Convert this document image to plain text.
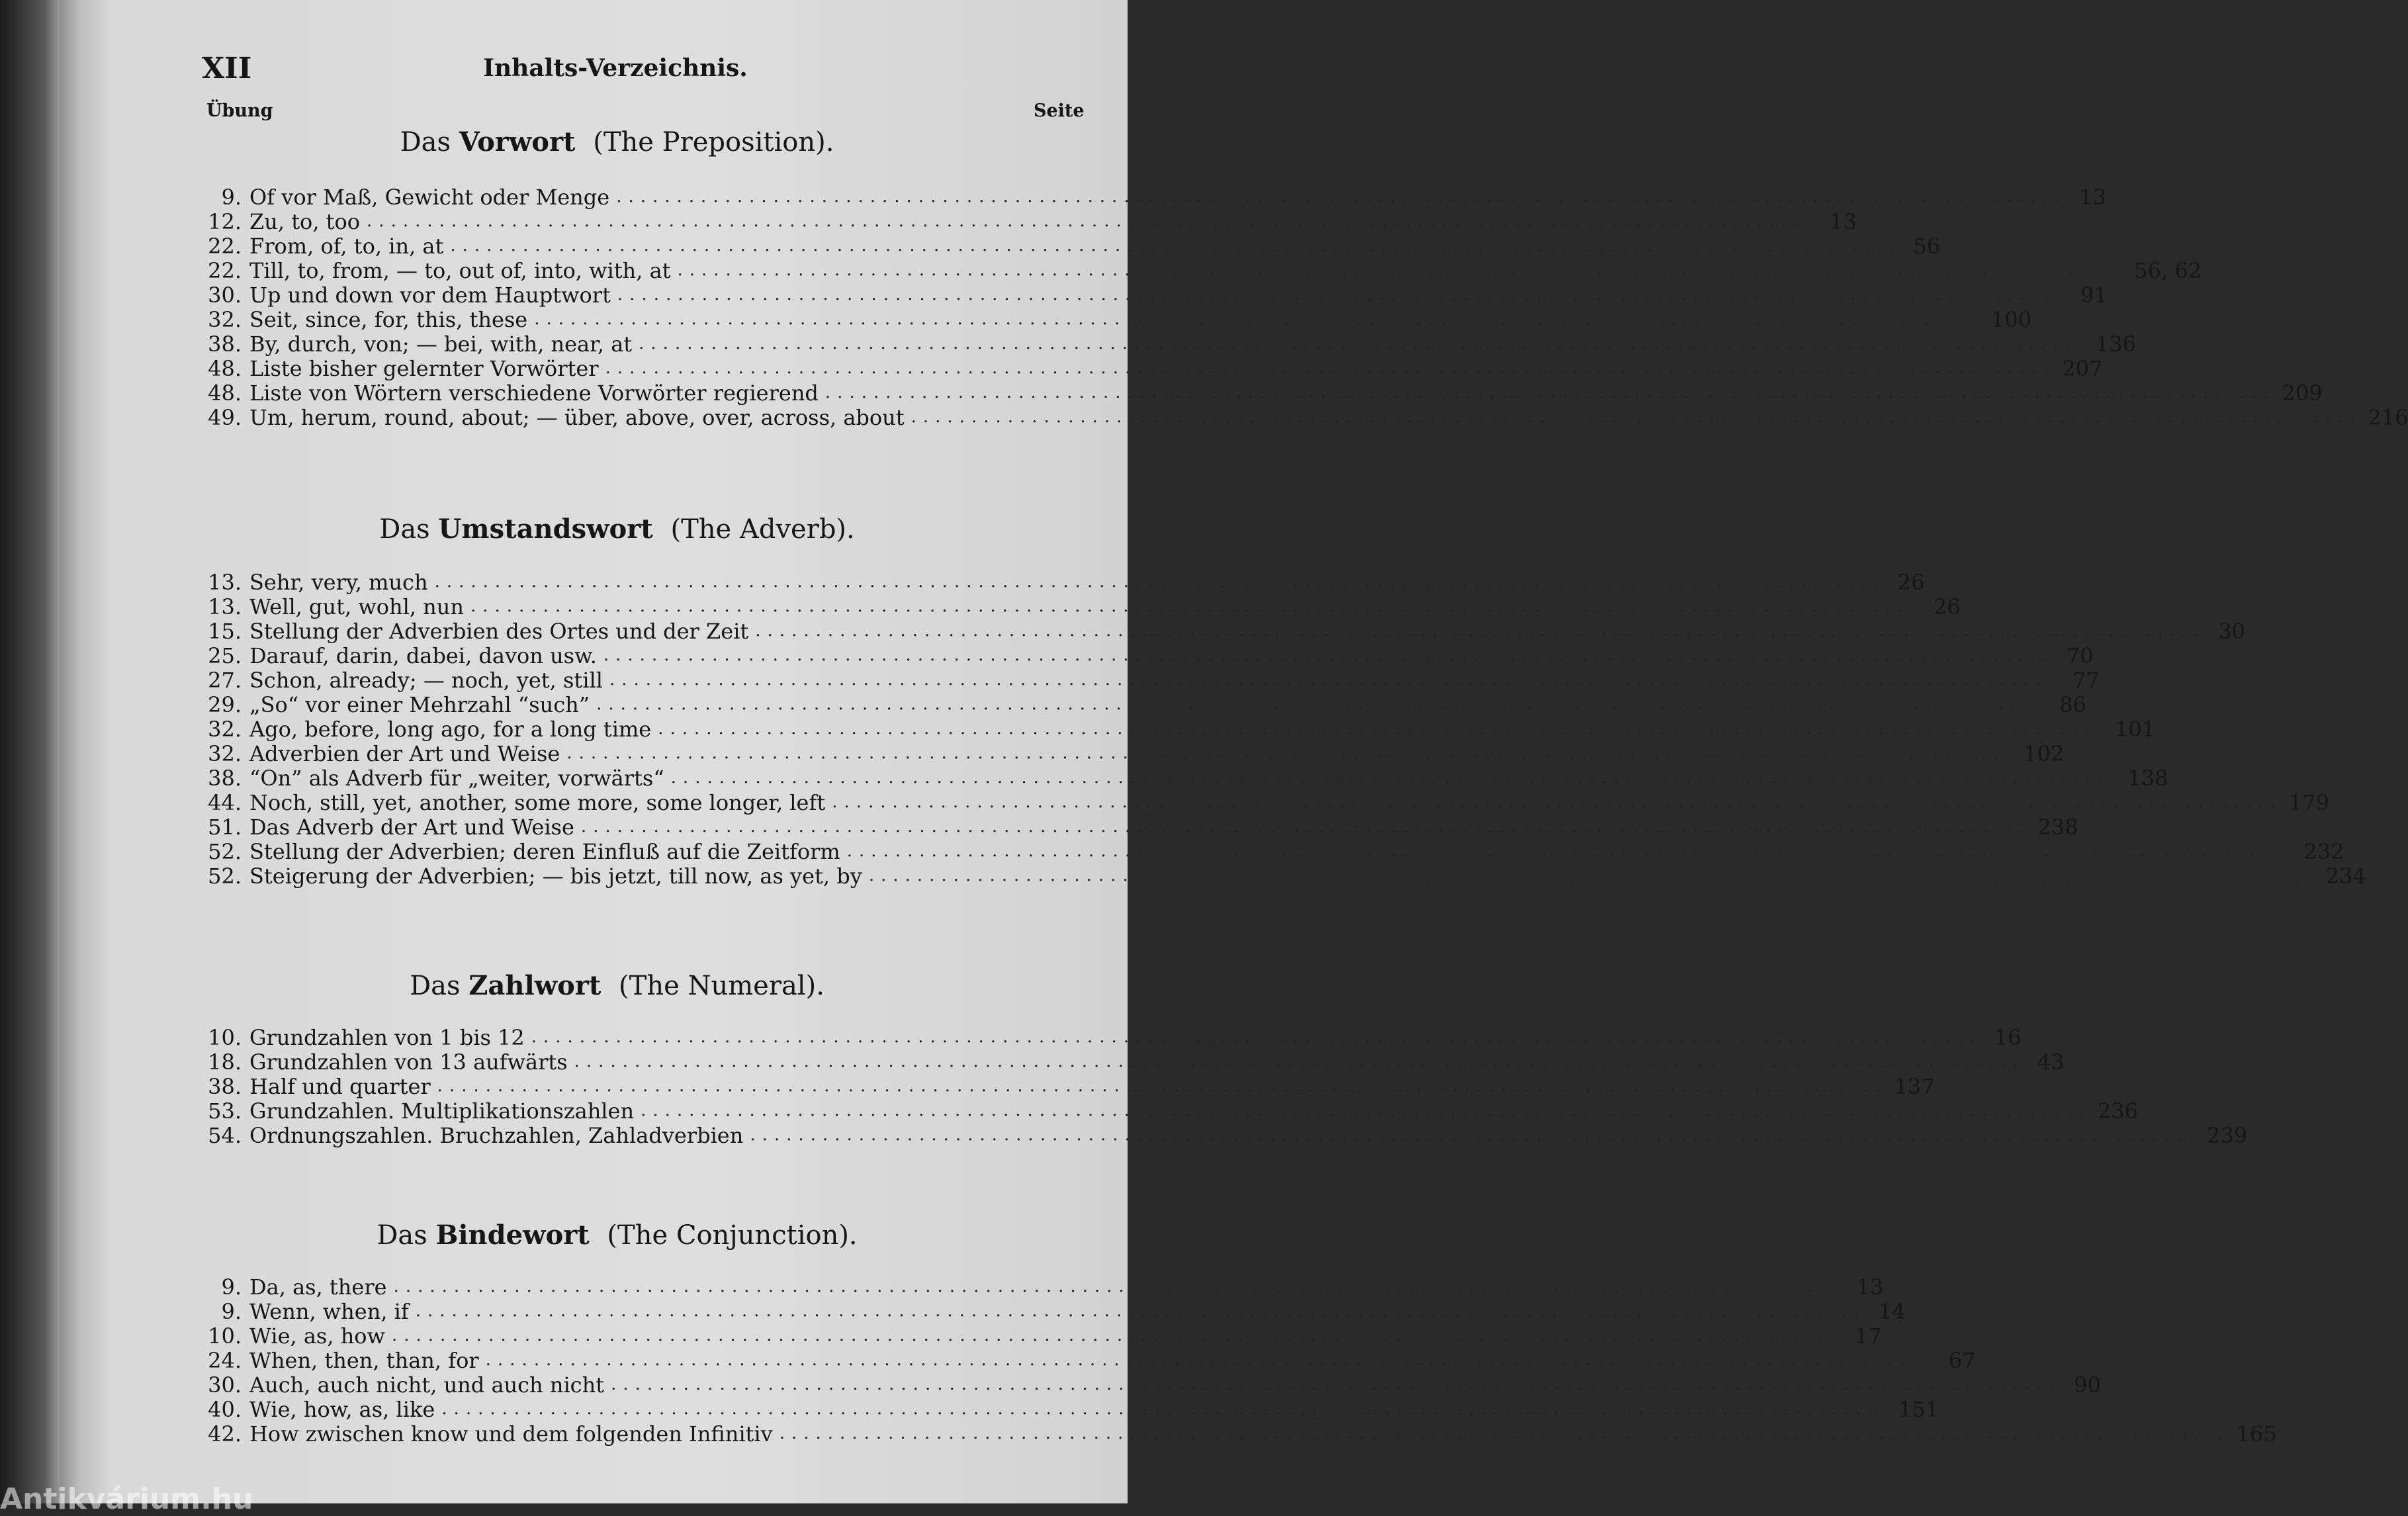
XII	Inhalts-Verzeichnis.
Übung	Seite
Das Vorwort (The Preposition).
9. Of vor Maß, Gewicht oder Menge ........................................................................................................................ 13
12. Zu, to, too ........................................................................................................................ 13
22. From, of, to, in, at ........................................................................................................................ 56
22. Till, to, from, — to, out of, into, with, at ........................................................................................................................ 56, 62
30. Up und down vor dem Hauptwort ........................................................................................................................ 91
32. Seit, since, for, this, these ........................................................................................................................ 100
38. By, durch, von; — bei, with, near, at ........................................................................................................................ 136
48. Liste bisher gelernter Vorwörter ........................................................................................................................ 207
48. Liste von Wörtern verschiedene Vorwörter regierend ........................................................................................................................ 209
49. Um, herum, round, about; — über, above, over, across, about ........................................................................................................................ 216
Das Umstandswort (The Adverb).
13. Sehr, very, much ........................................................................................................................ 26
13. Well, gut, wohl, nun ........................................................................................................................ 26
15. Stellung der Adverbien des Ortes und der Zeit ........................................................................................................................ 30
25. Darauf, darin, dabei, davon usw. ........................................................................................................................ 70
27. Schon, already; — noch, yet, still ........................................................................................................................ 77
29. „So“ vor einer Mehrzahl “such” ........................................................................................................................ 86
32. Ago, before, long ago, for a long time ........................................................................................................................ 101
32. Adverbien der Art und Weise ........................................................................................................................ 102
38. “On” als Adverb für „weiter, vorwärts“ ........................................................................................................................ 138
44. Noch, still, yet, another, some more, some longer, left ........................................................................................................................ 179
51. Das Adverb der Art und Weise ........................................................................................................................ 238
52. Stellung der Adverbien; deren Einfluß auf die Zeitform ........................................................................................................................ 232
52. Steigerung der Adverbien; — bis jetzt, till now, as yet, by ........................................................................................................................ 234
Das Zahlwort (The Numeral).
10. Grundzahlen von 1 bis 12 ........................................................................................................................ 16
18. Grundzahlen von 13 aufwärts ........................................................................................................................ 43
38. Half und quarter ........................................................................................................................ 137
53. Grundzahlen. Multiplikationszahlen ........................................................................................................................ 236
54. Ordnungszahlen. Bruchzahlen, Zahladverbien ........................................................................................................................ 239
Das Bindewort (The Conjunction).
9. Da, as, there ........................................................................................................................ 13
9. Wenn, when, if ........................................................................................................................ 14
10. Wie, as, how ........................................................................................................................ 17
24. When, then, than, for ........................................................................................................................ 67
30. Auch, auch nicht, und auch nicht ........................................................................................................................ 90
40. Wie, how, as, like ........................................................................................................................ 151
42. How zwischen know und dem folgenden Infinitiv ........................................................................................................................ 165
Antikvárium.hu
